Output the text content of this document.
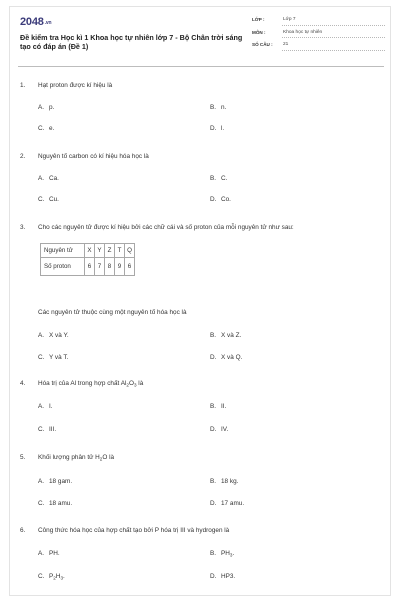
2048.vn
Đề kiểm tra Học kì 1 Khoa học tự nhiên lớp 7 - Bộ Chân trời sáng tạo có đáp án (Đề 1)
LỚP :	Lớp 7
MÔN :	Khoa học tự nhiên
SỐ CÂU : 21
1. Hạt proton được kí hiệu là
A. p.	B. n.
C. e.	D. l.
2. Nguyên tố carbon có kí hiệu hóa học là
A. Ca.	B. C.
C. Cu.	D. Co.
3. Cho các nguyên tử được kí hiệu bởi các chữ cái và số proton của mỗi nguyên tử như sau:
Nguyên tử	X	Y	Z	T	Q
Số proton	6	7	8	9	6
Các nguyên tử thuộc cùng một nguyên tố hóa học là
A. X và Y.	B. X và Z.
C. Y và T.	D. X và Q.
4. Hóa trị của Al trong hợp chất $Al_2O_3$ là
A. I.	B. II.
C. III.	D. IV.
5. Khối lượng phân tử $H_2O$ là
A. 18 gam.	B. 18 kg.
C. 18 amu.	D. 17 amu.
6. Công thức hóa học của hợp chất tạo bởi P hóa trị III và hydrogen là
A. PH.	B. $PH_3$.
C. $P_2H_3$.	D. HP3.
